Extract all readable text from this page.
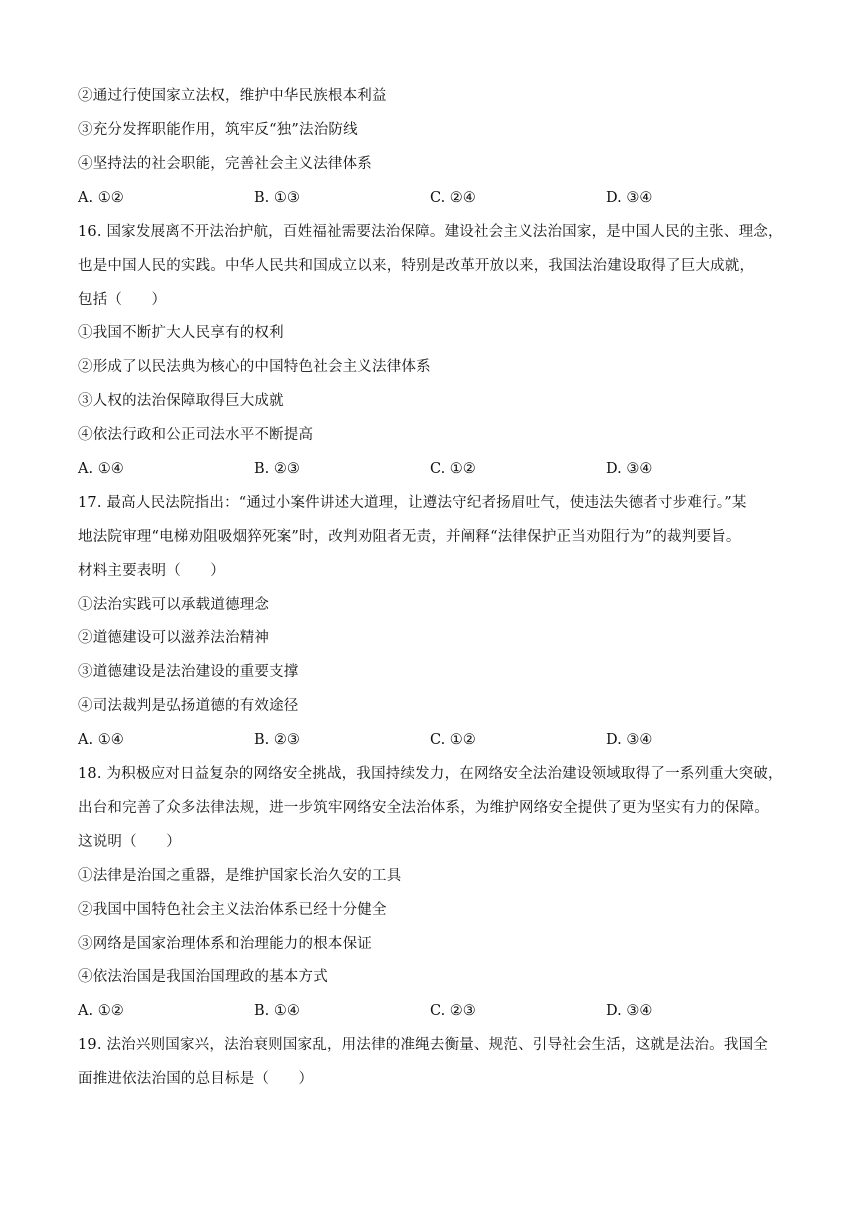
②通过行使国家立法权，维护中华民族根本利益
③充分发挥职能作用，筑牢反“独”法治防线
④坚持法的社会职能，完善社会主义法律体系
A. ①②	B. ①③	C. ②④	D. ③④
16. 国家发展离不开法治护航，百姓福祉需要法治保障。建设社会主义法治国家，是中国人民的主张、理念，
也是中国人民的实践。中华人民共和国成立以来，特别是改革开放以来，我国法治建设取得了巨大成就，
包括（　　）
①我国不断扩大人民享有的权利
②形成了以民法典为核心的中国特色社会主义法律体系
③人权的法治保障取得巨大成就
④依法行政和公正司法水平不断提高
A. ①④	B. ②③	C. ①②	D. ③④
17. 最高人民法院指出：“通过小案件讲述大道理，让遵法守纪者扬眉吐气，使违法失德者寸步难行。”某
地法院审理“电梯劝阻吸烟猝死案”时，改判劝阻者无责，并阐释“法律保护正当劝阻行为”的裁判要旨。
材料主要表明（　　）
①法治实践可以承载道德理念
②道德建设可以滋养法治精神
③道德建设是法治建设的重要支撑
④司法裁判是弘扬道德的有效途径
A. ①④	B. ②③	C. ①②	D. ③④
18. 为积极应对日益复杂的网络安全挑战，我国持续发力，在网络安全法治建设领域取得了一系列重大突破，
出台和完善了众多法律法规，进一步筑牢网络安全法治体系，为维护网络安全提供了更为坚实有力的保障。
这说明（　　）
①法律是治国之重器，是维护国家长治久安的工具
②我国中国特色社会主义法治体系已经十分健全
③网络是国家治理体系和治理能力的根本保证
④依法治国是我国治国理政的基本方式
A. ①②	B. ①④	C. ②③	D. ③④
19. 法治兴则国家兴，法治衰则国家乱，用法律的准绳去衡量、规范、引导社会生活，这就是法治。我国全
面推进依法治国的总目标是（　　）
